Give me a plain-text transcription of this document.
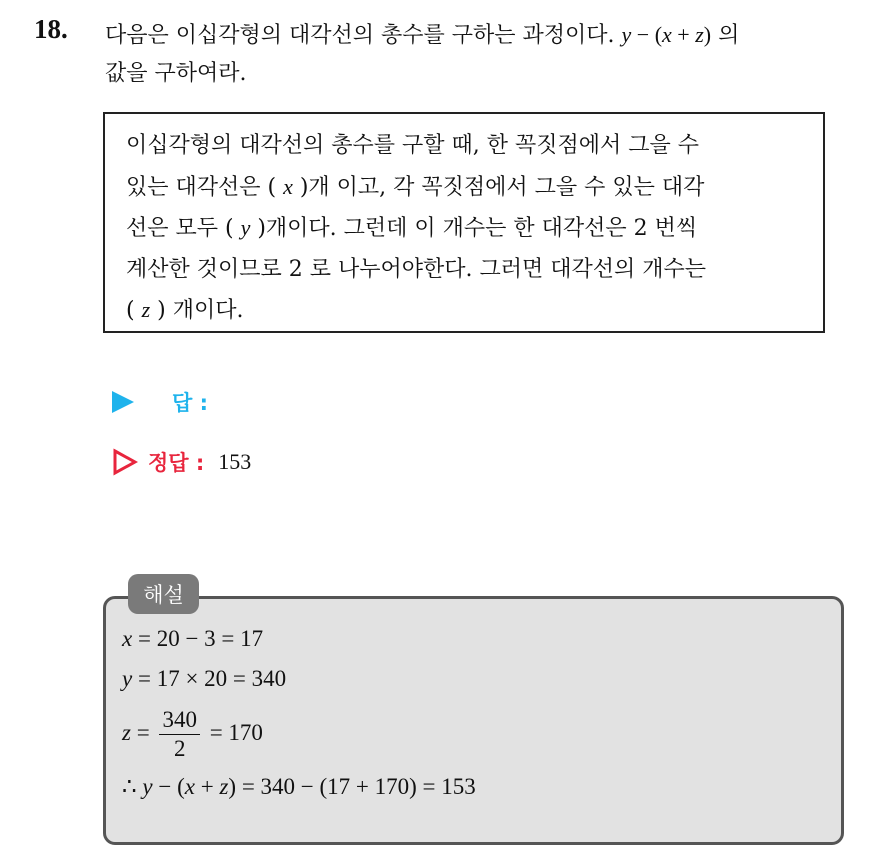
18. 다음은 이십각형의 대각선의 총수를 구하는 과정이다. y − (x + z) 의
값을 구하여라.
이십각형의 대각선의 총수를 구할 때, 한 꼭짓점에서 그을 수
있는 대각선은 ( x )개 이고, 각 꼭짓점에서 그을 수 있는 대각
선은 모두 ( y )개이다. 그런데 이 개수는 한 대각선은 2 번씩
계산한 것이므로 2 로 나누어야한다. 그러면 대각선의 개수는
( z ) 개이다.
답 :
정답 : 153
해설
x = 20 − 3 = 17
y = 17 × 20 = 340
$z = \frac{340}{2} = 170$
∴ y − (x + z) = 340 − (17 + 170) = 153
